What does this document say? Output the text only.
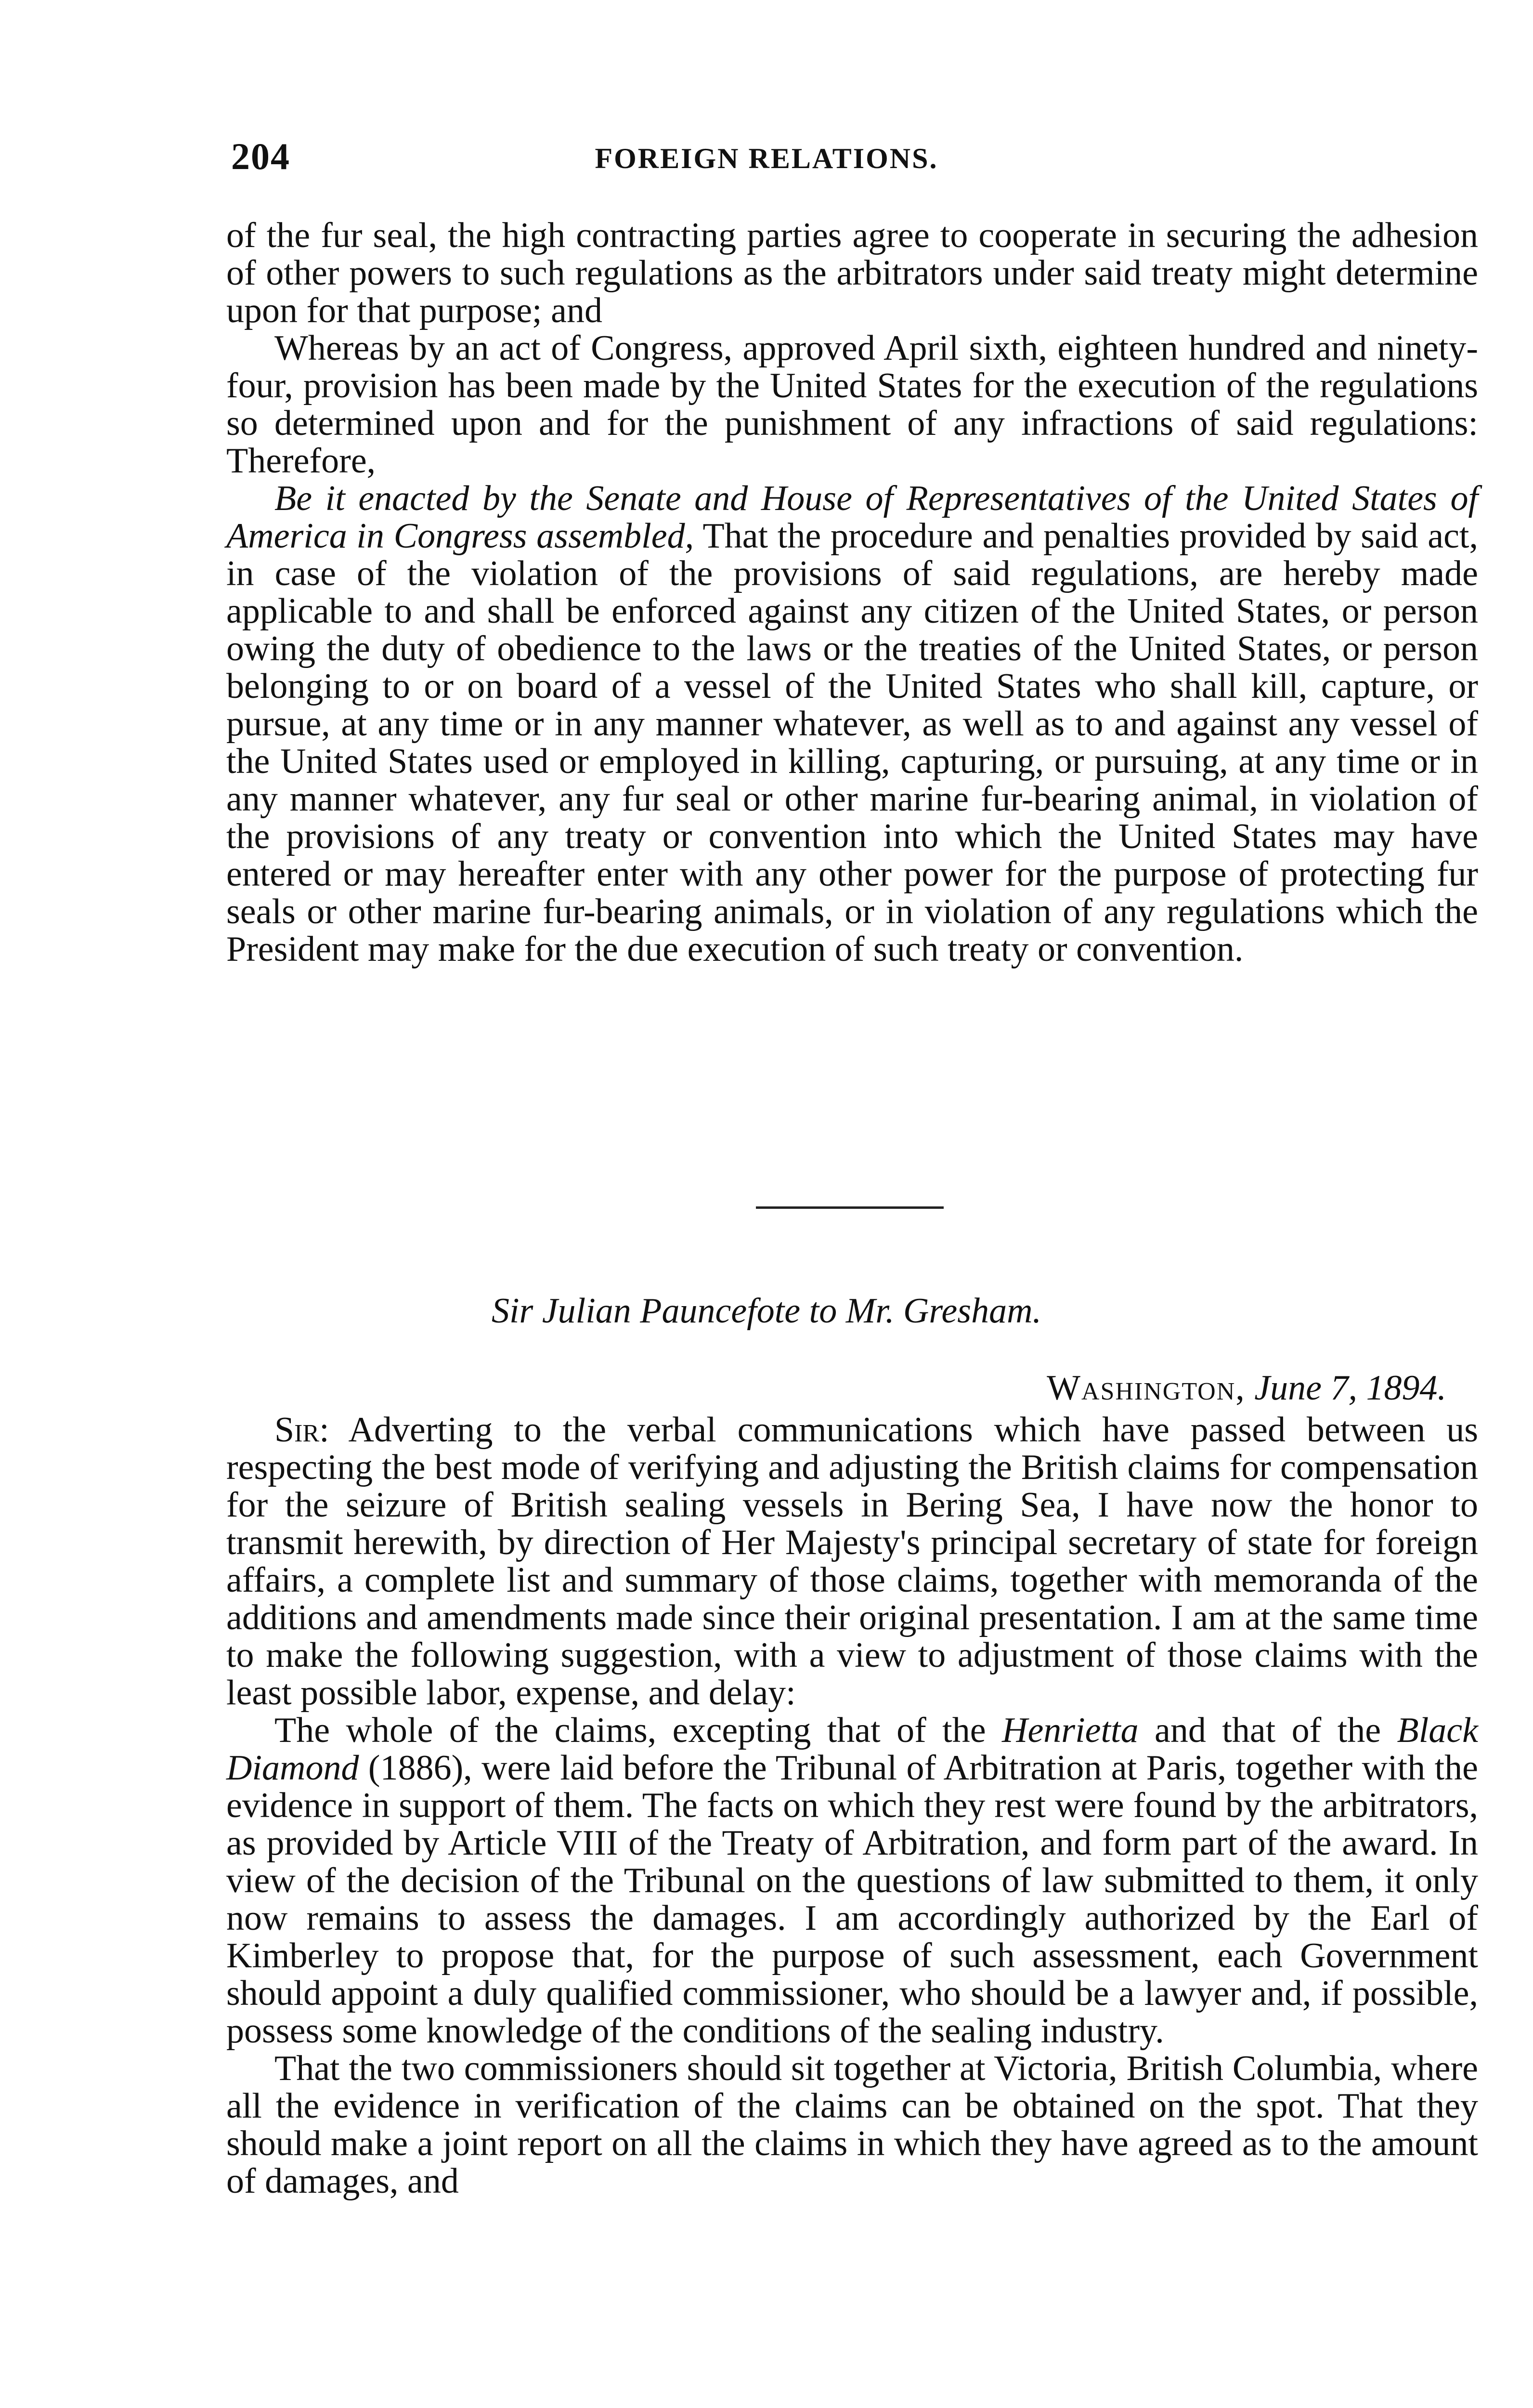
204	FOREIGN RELATIONS.

of the fur seal, the high contracting parties agree to cooperate in securing the adhesion of other powers to such regulations as the arbitrators under said treaty might determine upon for that purpose; and

Whereas by an act of Congress, approved April sixth, eighteen hundred and ninety-four, provision has been made by the United States for the execution of the regulations so determined upon and for the punishment of any infractions of said regulations: Therefore,

Be it enacted by the Senate and House of Representatives of the United States of America in Congress assembled, That the procedure and penalties provided by said act, in case of the violation of the provisions of said regulations, are hereby made applicable to and shall be enforced against any citizen of the United States, or person owing the duty of obedience to the laws or the treaties of the United States, or person belonging to or on board of a vessel of the United States who shall kill, capture, or pursue, at any time or in any manner whatever, as well as to and against any vessel of the United States used or employed in killing, capturing, or pursuing, at any time or in any manner whatever, any fur seal or other marine fur-bearing animal, in violation of the provisions of any treaty or convention into which the United States may have entered or may hereafter enter with any other power for the purpose of protecting fur seals or other marine fur-bearing animals, or in violation of any regulations which the President may make for the due execution of such treaty or convention.

Sir Julian Pauncefote to Mr. Gresham.
Washington, June 7, 1894.

Sir: Adverting to the verbal communications which have passed between us respecting the best mode of verifying and adjusting the British claims for compensation for the seizure of British sealing vessels in Bering Sea, I have now the honor to transmit herewith, by direction of Her Majesty's principal secretary of state for foreign affairs, a complete list and summary of those claims, together with memoranda of the additions and amendments made since their original presentation. I am at the same time to make the following suggestion, with a view to adjustment of those claims with the least possible labor, expense, and delay:

The whole of the claims, excepting that of the Henrietta and that of the Black Diamond (1886), were laid before the Tribunal of Arbitration at Paris, together with the evidence in support of them. The facts on which they rest were found by the arbitrators, as provided by Article VIII of the Treaty of Arbitration, and form part of the award. In view of the decision of the Tribunal on the questions of law submitted to them, it only now remains to assess the damages. I am accordingly authorized by the Earl of Kimberley to propose that, for the purpose of such assessment, each Government should appoint a duly qualified commissioner, who should be a lawyer and, if possible, possess some knowledge of the conditions of the sealing industry.

That the two commissioners should sit together at Victoria, British Columbia, where all the evidence in verification of the claims can be obtained on the spot. That they should make a joint report on all the claims in which they have agreed as to the amount of damages, and
